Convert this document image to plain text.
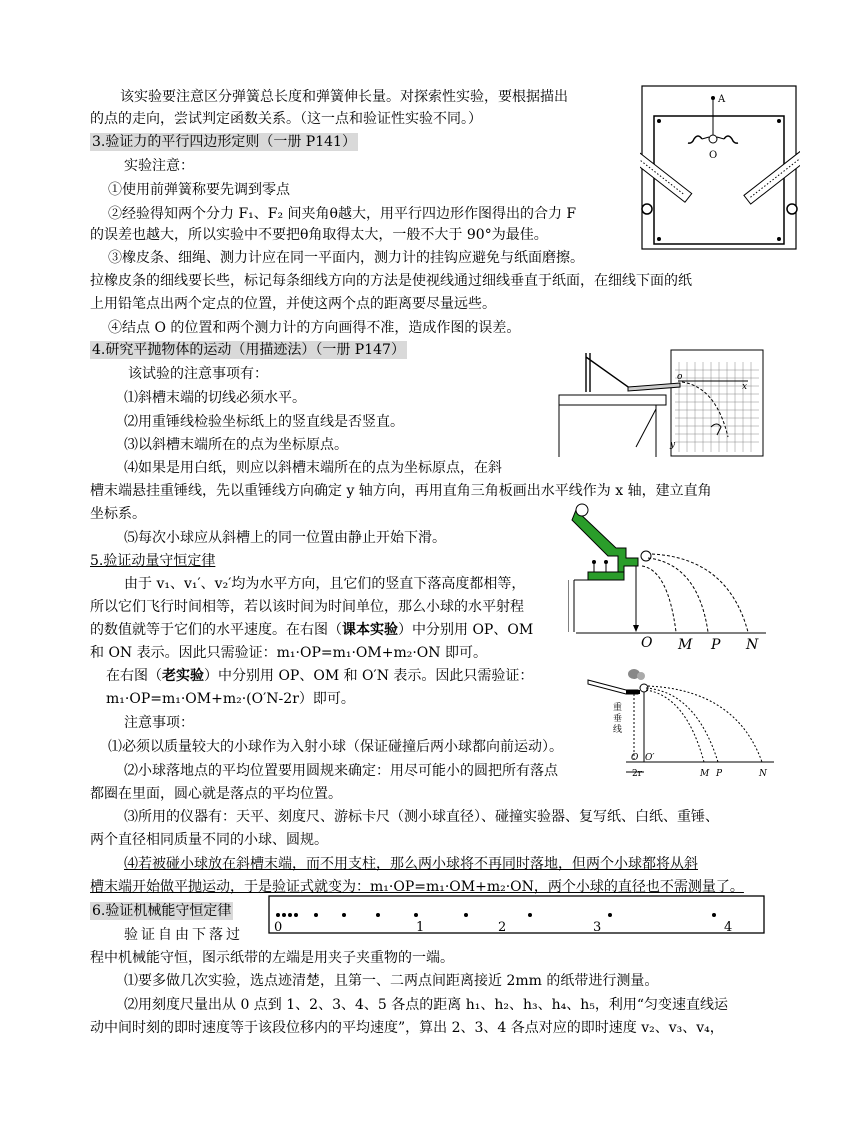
该实验要注意区分弹簧总长度和弹簧伸长量。对探索性实验，要根据描出
的点的走向，尝试判定函数关系。（这一点和验证性实验不同。）
3.验证力的平行四边形定则（一册 P141）
实验注意：
①使用前弹簧称要先调到零点
②经验得知两个分力 F₁、F₂ 间夹角θ越大，用平行四边形作图得出的合力 F
的误差也越大，所以实验中不要把θ角取得太大，一般不大于 90°为最佳。
③橡皮条、细绳、测力计应在同一平面内，测力计的挂钩应避免与纸面磨擦。
拉橡皮条的细线要长些，标记每条细线方向的方法是使视线通过细线垂直于纸面，在细线下面的纸
上用铅笔点出两个定点的位置，并使这两个点的距离要尽量远些。
④结点 O 的位置和两个测力计的方向画得不准，造成作图的误差。
A
O
4.研究平抛物体的运动（用描迹法）（一册 P147）
该试验的注意事项有：
⑴斜槽末端的切线必须水平。
⑵用重锤线检验坐标纸上的竖直线是否竖直。
⑶以斜槽末端所在的点为坐标原点。
⑷如果是用白纸，则应以斜槽末端所在的点为坐标原点，在斜
槽末端悬挂重锤线，先以重锤线方向确定 y 轴方向，再用直角三角板画出水平线作为 x 轴，建立直角
坐标系。
⑸每次小球应从斜槽上的同一位置由静止开始下滑。
x
o
y
5.验证动量守恒定律
由于 v₁、v₁′、v₂′均为水平方向，且它们的竖直下落高度都相等，
所以它们飞行时间相等，若以该时间为时间单位，那么小球的水平射程
的数值就等于它们的水平速度。在右图（课本实验）中分别用 OP、OM
和 ON 表示。因此只需验证：m₁·OP=m₁·OM+m₂·ON 即可。
在右图（老实验）中分别用 OP、OM 和 O′N 表示。因此只需验证：
m₁·OP=m₁·OM+m₂·(O′N-2r）即可。
注意事项：
⑴必须以质量较大的小球作为入射小球（保证碰撞后两小球都向前运动）。
⑵小球落地点的平均位置要用圆规来确定：用尽可能小的圆把所有落点
都圈在里面，圆心就是落点的平均位置。
⑶所用的仪器有：天平、刻度尺、游标卡尺（测小球直径）、碰撞实验器、复写纸、白纸、重锤、
两个直径相同质量不同的小球、圆规。
⑷若被碰小球放在斜槽末端，而不用支柱，那么两小球将不再同时落地，但两个小球都将从斜
槽末端开始做平抛运动，于是验证式就变为：m₁·OP=m₁·OM+m₂·ON，两个小球的直径也不需测量了。
O M P N
重垂线
O O′
2r	M P	N
6.验证机械能守恒定律
验证自由下落过
程中机械能守恒，图示纸带的左端是用夹子夹重物的一端。
⑴要多做几次实验，选点迹清楚，且第一、二两点间距离接近 2mm 的纸带进行测量。
⑵用刻度尺量出从 0 点到 1、2、3、4、5 各点的距离 h₁、h₂、h₃、h₄、h₅，利用“匀变速直线运
动中间时刻的即时速度等于该段位移内的平均速度”，算出 2、3、4 各点对应的即时速度 v₂、v₃、v₄，
0	1	2	3	4
